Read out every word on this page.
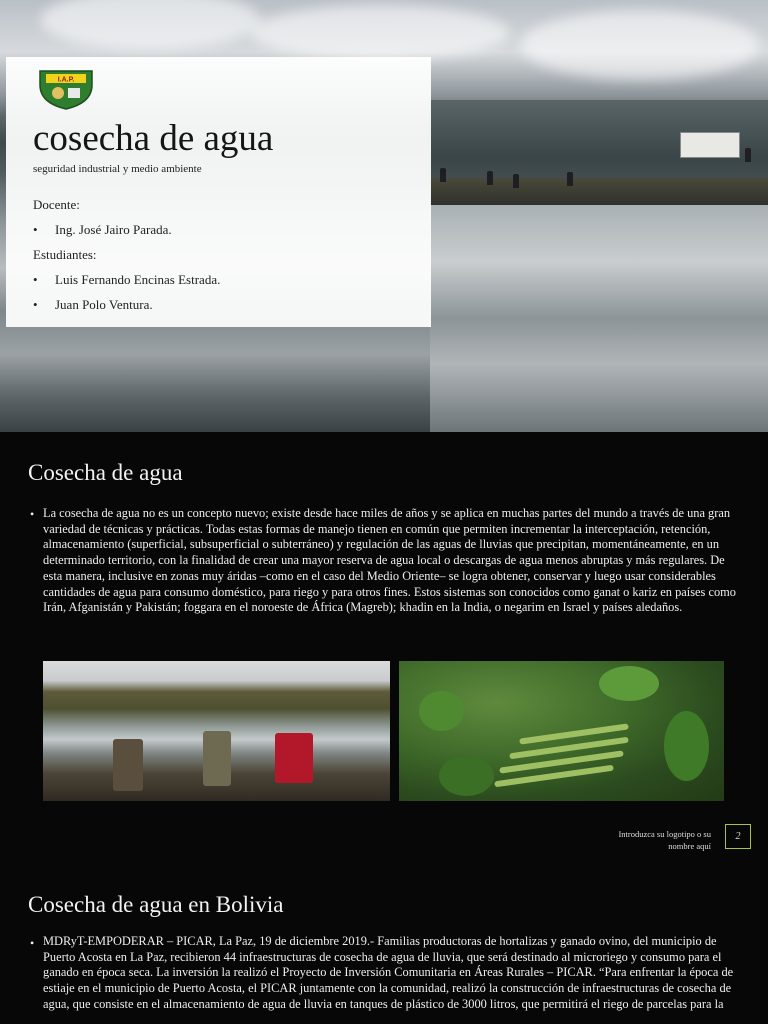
I.A.P.
cosecha de agua
seguridad industrial y medio ambiente
Docente:
• Ing. José Jairo Parada.
Estudiantes:
• Luis Fernando Encinas Estrada.
• Juan Polo Ventura.
Cosecha de agua
• La cosecha de agua no es un concepto nuevo; existe desde hace miles de años y se aplica en muchas partes del mundo a través de una gran variedad de técnicas y prácticas. Todas estas formas de manejo tienen en común que permiten incrementar la interceptación, retención, almacenamiento (superficial, subsuperficial o subterráneo) y regulación de las aguas de lluvias que precipitan, momentáneamente, en un determinado territorio, con la finalidad de crear una mayor reserva de agua local o descargas de agua menos abruptas y más regulares. De esta manera, inclusive en zonas muy áridas –como en el caso del Medio Oriente– se logra obtener, conservar y luego usar considerables cantidades de agua para consumo doméstico, para riego y para otros fines. Estos sistemas son conocidos como ganat o kariz en países como Irán, Afganistán y Pakistán; foggara en el noroeste de África (Magreb); khadin en la India, o negarim en Israel y países aledaños.

Introduzca su logotipo o su nombre aquí
2
Cosecha de agua en Bolivia
• MDRyT-EMPODERAR – PICAR, La Paz, 19 de diciembre 2019.- Familias productoras de hortalizas y ganado ovino, del municipio de Puerto Acosta en La Paz, recibieron 44 infraestructuras de cosecha de agua de lluvia, que será destinado al microriego y consumo para el ganado en época seca. La inversión la realizó el Proyecto de Inversión Comunitaria en Áreas Rurales – PICAR. “Para enfrentar la época de estiaje en el municipio de Puerto Acosta, el PICAR juntamente con la comunidad, realizó la construcción de infraestructuras de cosecha de agua, que consiste en el almacenamiento de agua de lluvia en tanques de plástico de 3000 litros, que permitirá el riego de parcelas para la
